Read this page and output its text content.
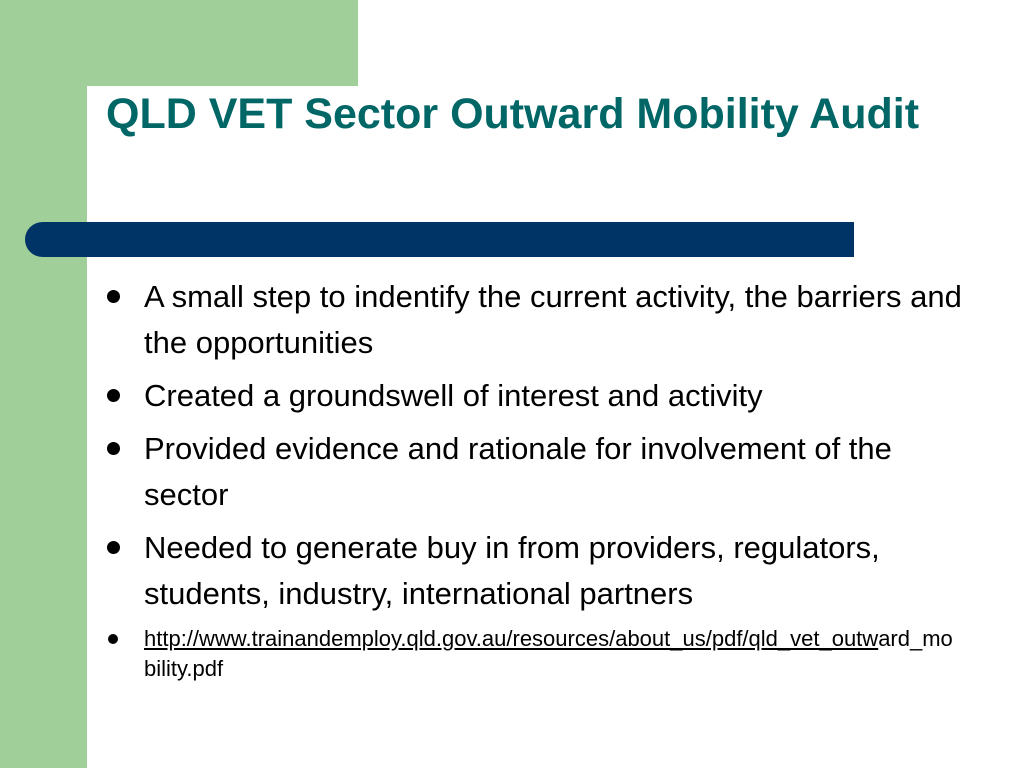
QLD VET Sector Outward Mobility Audit
A small step to indentify the current activity, the barriers and the opportunities
Created a groundswell of interest and activity
Provided evidence and rationale for involvement of the sector
Needed to generate buy in from providers, regulators, students, industry, international partners
http://www.trainandemploy.qld.gov.au/resources/about_us/pdf/qld_vet_outward_mobility.pdf
